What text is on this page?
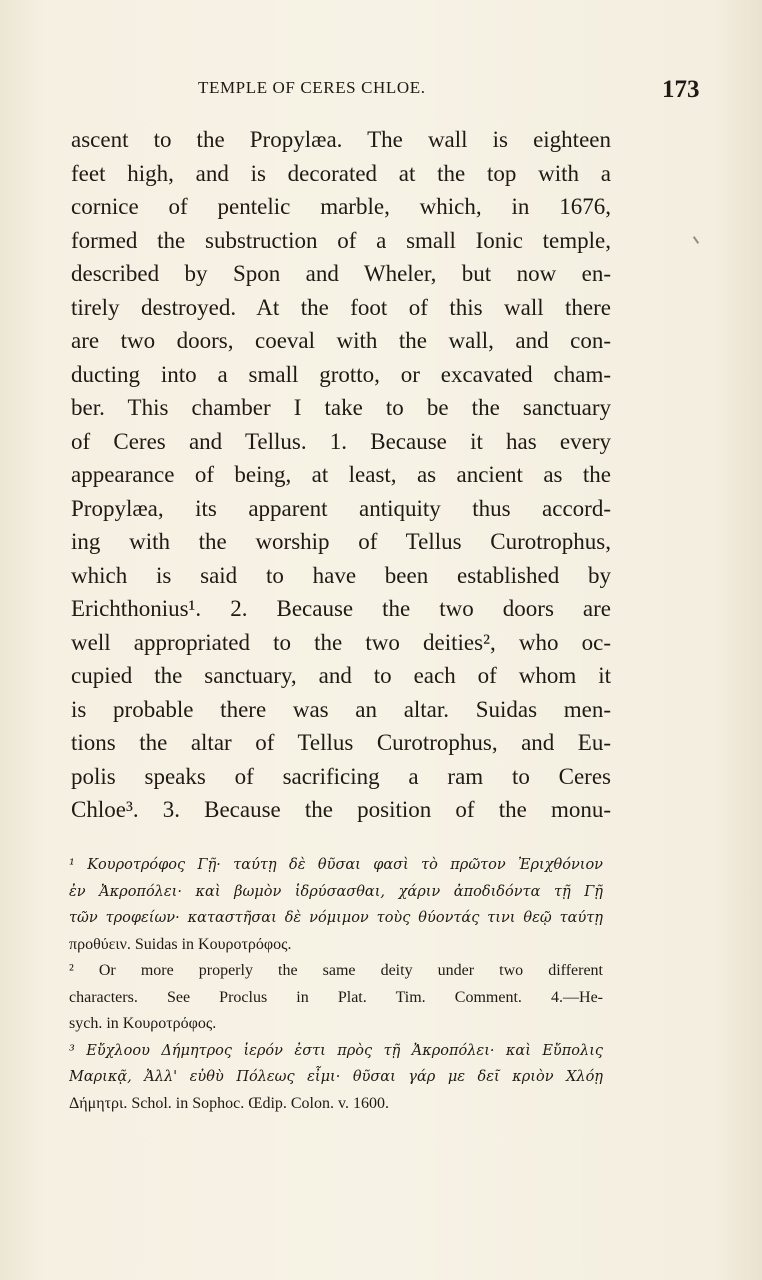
TEMPLE OF CERES CHLOE.	173
ascent to the Propylæa. The wall is eighteen
feet high, and is decorated at the top with a
cornice of pentelic marble, which, in 1676,
formed the substruction of a small Ionic temple,
described by Spon and Wheler, but now en-
tirely destroyed. At the foot of this wall there
are two doors, coeval with the wall, and con-
ducting into a small grotto, or excavated cham-
ber. This chamber I take to be the sanctuary
of Ceres and Tellus. 1. Because it has every
appearance of being, at least, as ancient as the
Propylæa, its apparent antiquity thus accord-
ing with the worship of Tellus Curotrophus,
which is said to have been established by
Erichthonius¹. 2. Because the two doors are
well appropriated to the two deities², who oc-
cupied the sanctuary, and to each of whom it
is probable there was an altar. Suidas men-
tions the altar of Tellus Curotrophus, and Eu-
polis speaks of sacrificing a ram to Ceres
Chloe³. 3. Because the position of the monu-
¹ Κουροτρόφος Γῇ· ταύτῃ δὲ θῦσαι φασὶ τὸ πρῶτον Ἐριχθόνιον
ἐν Ἀκροπόλει· καὶ βωμὸν ἱδρύσασθαι, χάριν ἀποδιδόντα τῇ Γῇ
τῶν τροφείων· καταστῆσαι δὲ νόμιμον τοὺς θύοντάς τινι θεῷ ταύτῃ
προθύειν. Suidas in Κουροτρόφος.
² Or more properly the same deity under two different
characters. See Proclus in Plat. Tim. Comment. 4.—He-
sych. in Κουροτρόφος.
³ Εὔχλοου Δήμητρος ἱερόν ἐστι πρὸς τῇ Ἀκροπόλει· καὶ Εὔπολις
Μαρικᾷ, Ἀλλ' εὐθὺ Πόλεως εἶμι· θῦσαι γάρ με δεῖ κριὸν Χλόῃ
Δήμητρι. Schol. in Sophoc. Œdip. Colon. v. 1600.
